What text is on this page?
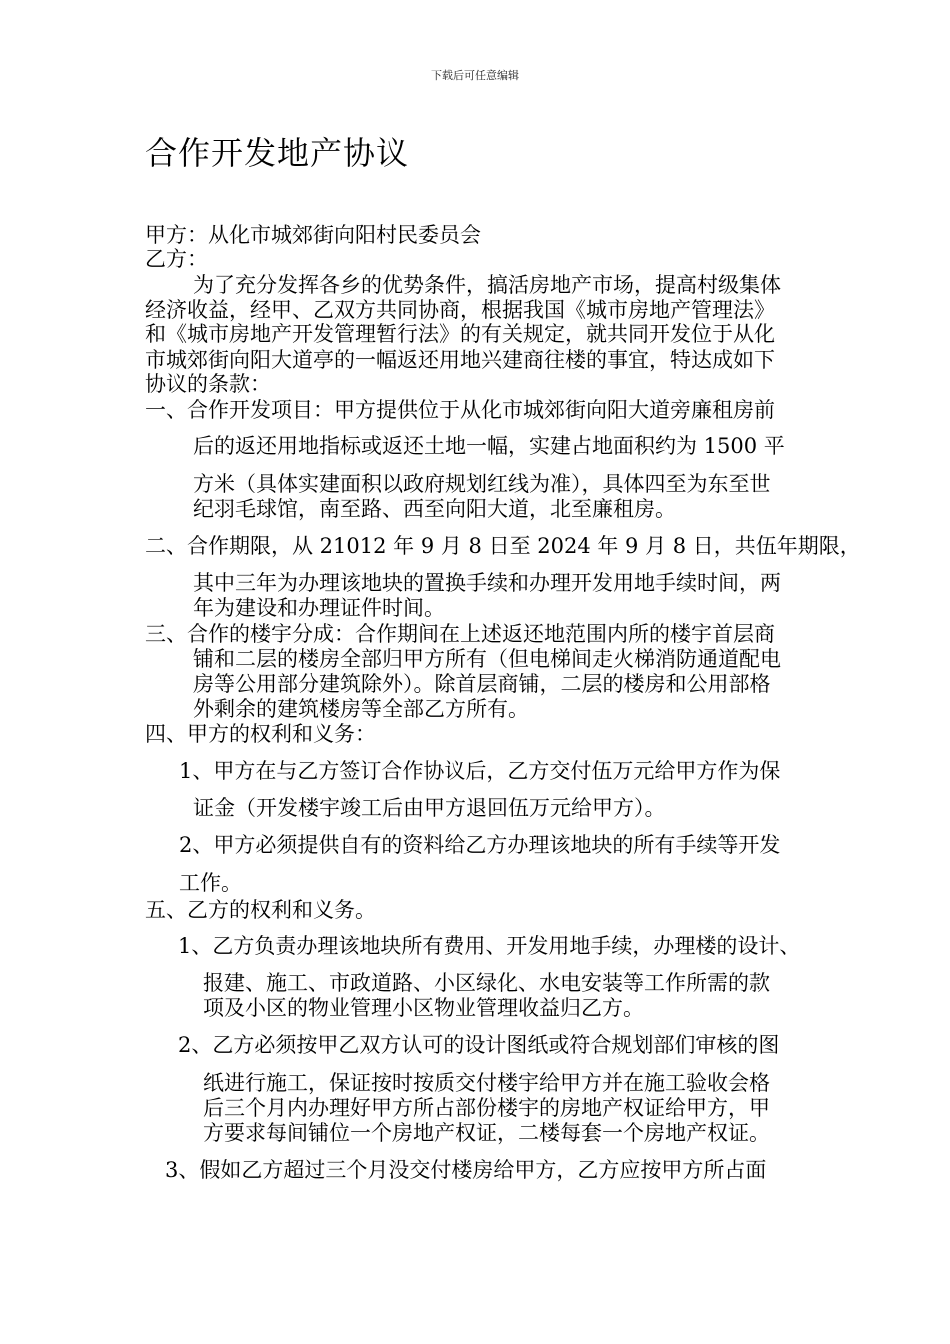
下载后可任意编辑
合作开发地产协议
甲方：从化市城郊街向阳村民委员会
乙方：
为了充分发挥各乡的优势条件，搞活房地产市场，提高村级集体
经济收益，经甲、乙双方共同协商，根据我国《城市房地产管理法》
和《城市房地产开发管理暂行法》的有关规定，就共同开发位于从化
市城郊街向阳大道亭的一幅返还用地兴建商往楼的事宜，特达成如下
协议的条款：
一、合作开发项目：甲方提供位于从化市城郊街向阳大道旁廉租房前
后的返还用地指标或返还土地一幅，实建占地面积约为 1500 平
方米（具体实建面积以政府规划红线为准），具体四至为东至世
纪羽毛球馆，南至路、西至向阳大道，北至廉租房。
二、合作期限，从 21012 年 9 月 8 日至 2024 年 9 月 8 日，共伍年期限，
其中三年为办理该地块的置换手续和办理开发用地手续时间，两
年为建设和办理证件时间。
三、合作的楼宇分成：合作期间在上述返还地范围内所的楼宇首层商
铺和二层的楼房全部归甲方所有（但电梯间走火梯消防通道配电
房等公用部分建筑除外）。除首层商铺，二层的楼房和公用部格
外剩余的建筑楼房等全部乙方所有。
四、甲方的权利和义务：
1、甲方在与乙方签订合作协议后，乙方交付伍万元给甲方作为保
证金（开发楼宇竣工后由甲方退回伍万元给甲方）。
2、甲方必须提供自有的资料给乙方办理该地块的所有手续等开发
工作。
五、乙方的权利和义务。
1、乙方负责办理该地块所有费用、开发用地手续，办理楼的设计、
报建、施工、市政道路、小区绿化、水电安装等工作所需的款
项及小区的物业管理小区物业管理收益归乙方。
2、乙方必须按甲乙双方认可的设计图纸或符合规划部们审核的图
纸进行施工，保证按时按质交付楼宇给甲方并在施工验收会格
后三个月内办理好甲方所占部份楼宇的房地产权证给甲方，甲
方要求每间铺位一个房地产权证，二楼每套一个房地产权证。
3、假如乙方超过三个月没交付楼房给甲方，乙方应按甲方所占面
